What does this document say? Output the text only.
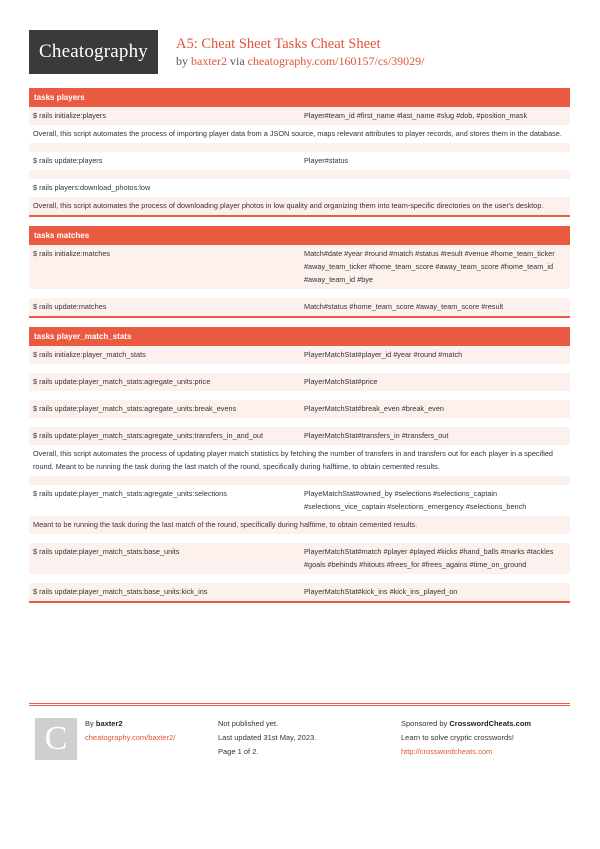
Cheatography	A5: Cheat Sheet Tasks Cheat Sheet
by baxter2 via cheatography.com/160157/cs/39029/
tasks players
$ rails initialize:players	Player#team_id #first_name #last_name #slug #dob, #position_mask
Overall, this script automates the process of importing player data from a JSON source, maps relevant attributes to player records, and stores them in the database.
$ rails update:players	Player#status
$ rails players:download_photos:low
Overall, this script automates the process of downloading player photos in low quality and organizing them into team-specific directories on the user's desktop.
tasks matches
$ rails initialize:matches	Match#date #year #round #match #status #result #venue #home_team_ticker #away_team_ticker #home_team_score #away_team_score #home_team_id #away_team_id #bye
$ rails update:matches	Match#status #home_team_score #away_team_score #result
tasks player_match_stats
$ rails initialize:player_match_stats	PlayerMatchStat#player_id #year #round #match
$ rails update:player_match_stats:agregate_units:price	PlayerMatchStat#price
$ rails update:player_match_stats:agregate_units:break_evens	PlayerMatchStat#break_even #break_even
$ rails update:player_match_stats:agregate_units:transfers_in_and_out	PlayerMatchStat#transfers_in #transfers_out
Overall, this script automates the process of updating player match statistics by fetching the number of transfers in and transfers out for each player in a specified round. Meant to be running the task during the last match of the round, specifically during halftime, to obtain cemented results.
$ rails update:player_match_stats:agregate_units:selections	PlayeMatchStat#owned_by #selections #selections_captain #selections_vice_captain #selections_emergency #selections_bench
Meant to be running the task during the last match of the round, specifically during halftime, to obtain cemented results.
$ rails update:player_match_stats:base_units	PlayerMatchStat#match #player #played #kicks #hand_balls #marks #tackles #goals #behinds #hitouts #frees_for #frees_agains #time_on_ground
$ rails update:player_match_stats:base_units:kick_ins	PlayerMatchStat#kick_ins #kick_ins_played_on
C	By baxter2
cheatography.com/baxter2/
Not published yet.
Last updated 31st May, 2023.
Page 1 of 2.
Sponsored by CrosswordCheats.com
Learn to solve cryptic crosswords!
http://crosswordcheats.com
